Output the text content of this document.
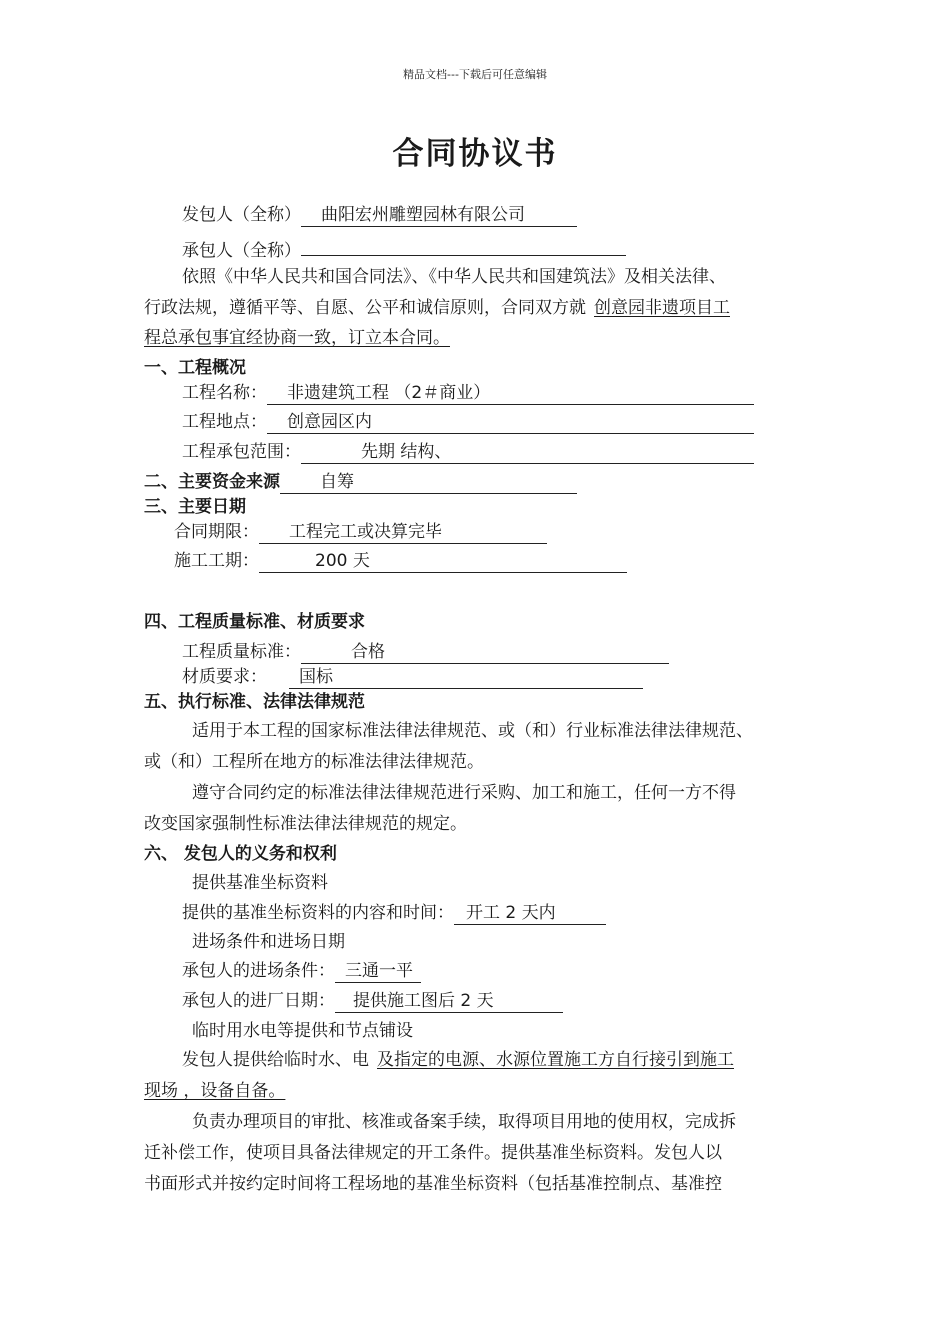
精品文档---下载后可任意编辑
合同协议书
发包人（全称） 曲阳宏州雕塑园林有限公司
承包人（全称）
依照《中华人民共和国合同法》、《中华人民共和国建筑法》及相关法律、
行政法规，遵循平等、自愿、公平和诚信原则，合同双方就 创意园非遗项目工
程总承包事宜经协商一致，订立本合同。
一、工程概况
工程名称： 非遗建筑工程 （2＃商业）
工程地点： 创意园区内
工程承包范围：	先期 结构、
二、主要资金来源 自筹
三、主要日期
合同期限： 工程完工或决算完毕
施工工期：	200 天
四、工程质量标准、材质要求
工程质量标准：	合格
材质要求： 国标
五、执行标准、法律法律规范
适用于本工程的国家标准法律法律规范、或（和）行业标准法律法律规范、
或（和）工程所在地方的标准法律法律规范。
遵守合同约定的标准法律法律规范进行采购、加工和施工，任何一方不得
改变国家强制性标准法律法律规范的规定。
六、 发包人的义务和权利
提供基准坐标资料
提供的基准坐标资料的内容和时间： 开工 2 天内
进场条件和进场日期
承包人的进场条件： 三通一平
承包人的进厂日期： 提供施工图后 2 天
临时用水电等提供和节点铺设
发包人提供给临时水、电 及指定的电源、水源位置施工方自行接引到施工
现场 ，设备自备。
负责办理项目的审批、核准或备案手续，取得项目用地的使用权，完成拆
迁补偿工作，使项目具备法律规定的开工条件。提供基准坐标资料。发包人以
书面形式并按约定时间将工程场地的基准坐标资料（包括基准控制点、基准控
